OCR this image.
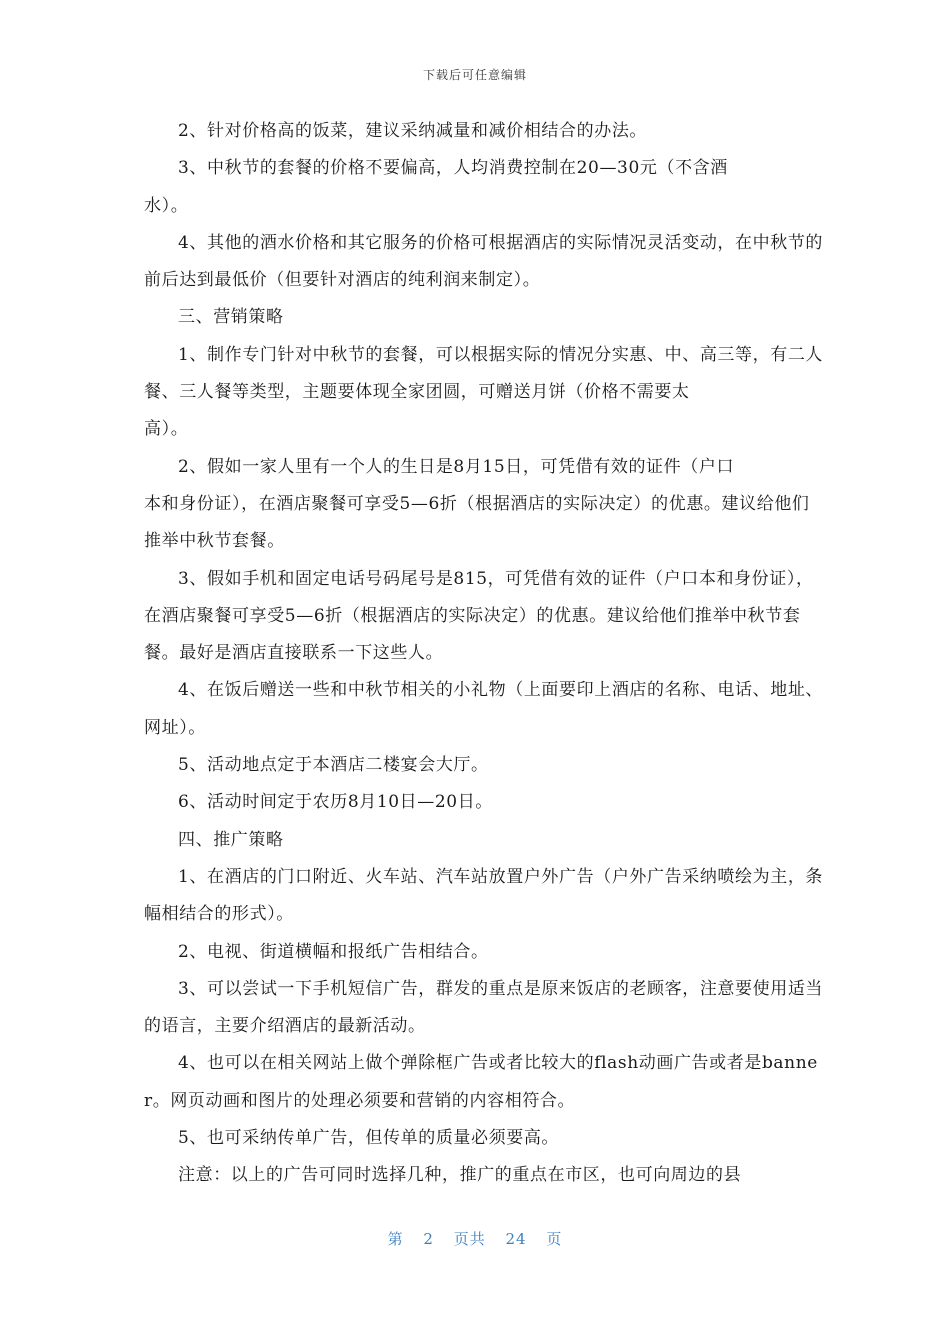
下载后可任意编辑

2、针对价格高的饭菜，建议采纳减量和减价相结合的办法。

3、中秋节的套餐的价格不要偏高，人均消费控制在20—30元（不含酒
水）。

4、其他的酒水价格和其它服务的价格可根据酒店的实际情况灵活变动，在中秋节的前后达到最低价（但要针对酒店的纯利润来制定）。

三、营销策略

1、制作专门针对中秋节的套餐，可以根据实际的情况分实惠、中、高三等，有二人餐、三人餐等类型，主题要体现全家团圆，可赠送月饼（价格不需要太
高）。

2、假如一家人里有一个人的生日是8月15日，可凭借有效的证件（户口
本和身份证），在酒店聚餐可享受5—6折（根据酒店的实际决定）的优惠。建议给他们推举中秋节套餐。

3、假如手机和固定电话号码尾号是815，可凭借有效的证件（户口本和身份证），在酒店聚餐可享受5—6折（根据酒店的实际决定）的优惠。建议给他们推举中秋节套餐。最好是酒店直接联系一下这些人。

4、在饭后赠送一些和中秋节相关的小礼物（上面要印上酒店的名称、电话、地址、网址）。

5、活动地点定于本酒店二楼宴会大厅。

6、活动时间定于农历8月10日—20日。

四、推广策略

1、在酒店的门口附近、火车站、汽车站放置户外广告（户外广告采纳喷绘为主，条幅相结合的形式）。

2、电视、街道横幅和报纸广告相结合。

3、可以尝试一下手机短信广告，群发的重点是原来饭店的老顾客，注意要使用适当的语言，主要介绍酒店的最新活动。

4、也可以在相关网站上做个弹除框广告或者比较大的flash动画广告或者是banner。网页动画和图片的处理必须要和营销的内容相符合。

5、也可采纳传单广告，但传单的质量必须要高。

注意：以上的广告可同时选择几种，推广的重点在市区，也可向周边的县

第 2 页共 24 页
